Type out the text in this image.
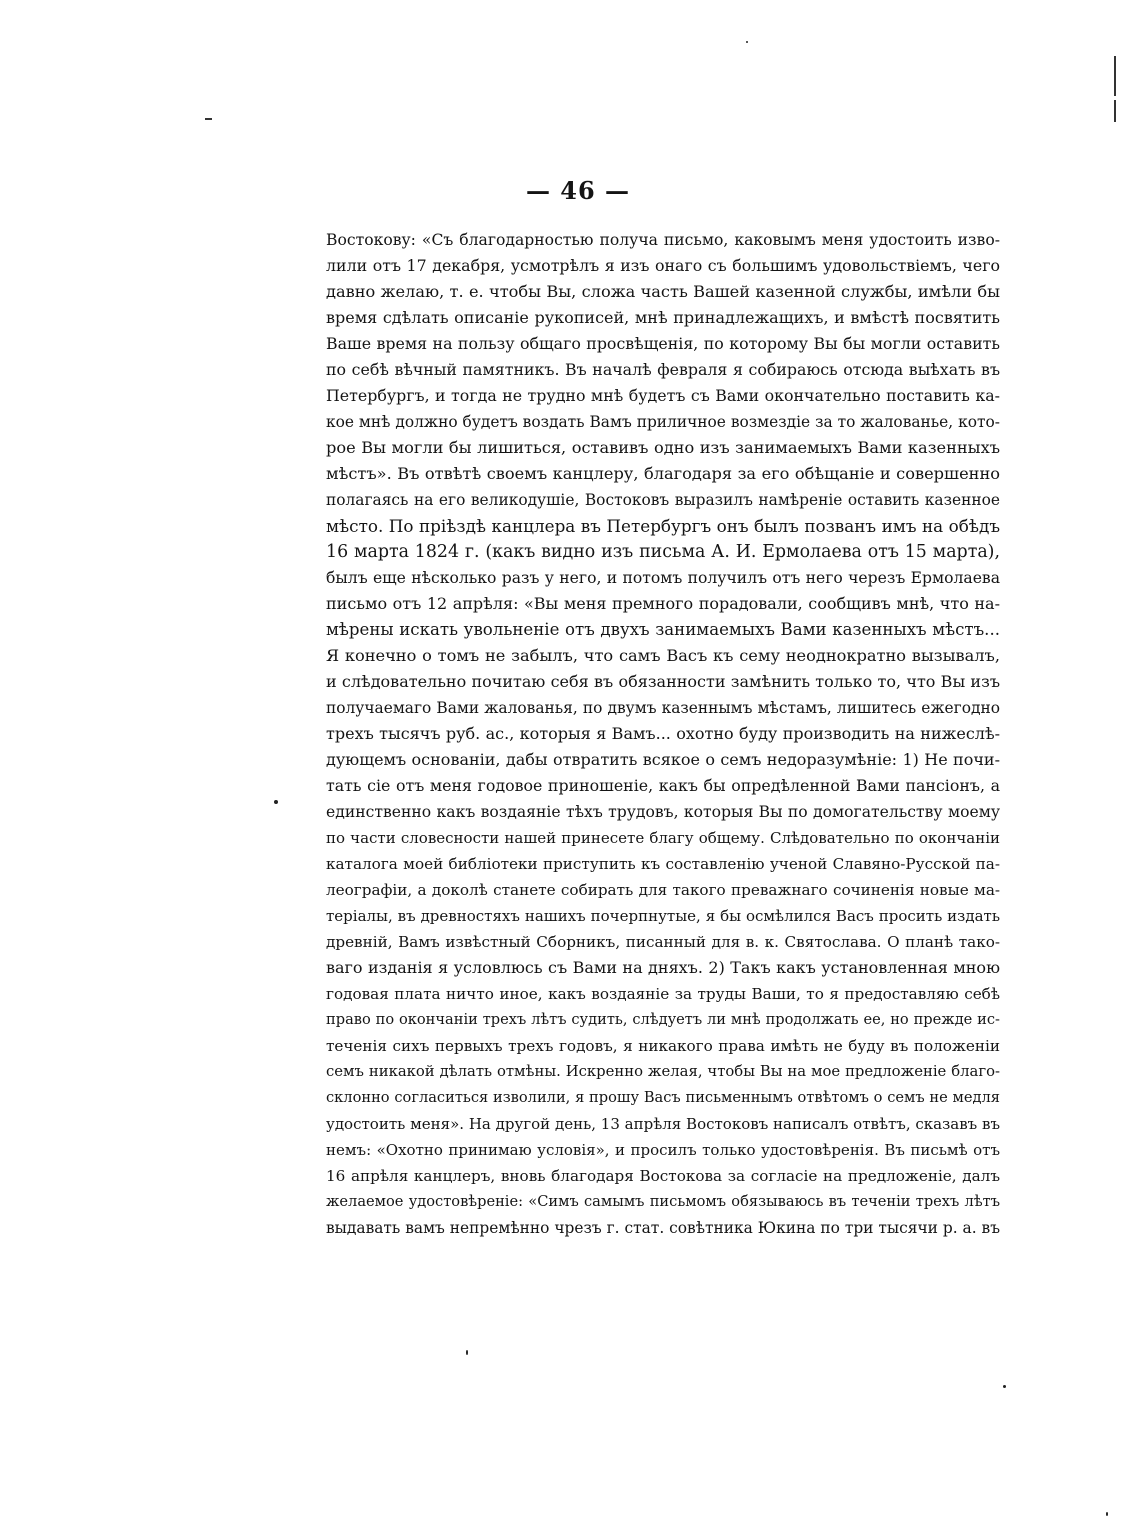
— 46 —
Востокову: «Съ благодарностью получа письмо, каковымъ меня удостоить изво-
лили отъ 17 декабря, усмотрѣлъ я изъ онаго съ большимъ удовольствіемъ, чего
давно желаю, т. е. чтобы Вы, сложа часть Вашей казенной службы, имѣли бы
время сдѣлать описаніе рукописей, мнѣ принадлежащихъ, и вмѣстѣ посвятить
Ваше время на пользу общаго просвѣщенія, по которому Вы бы могли оставить
по себѣ вѣчный памятникъ. Въ началѣ февраля я собираюсь отсюда выѣхать въ
Петербургъ, и тогда не трудно мнѣ будетъ съ Вами окончательно поставить ка-
кое мнѣ должно будетъ воздать Вамъ приличное возмездіе за то жалованье, кото-
рое Вы могли бы лишиться, оставивъ одно изъ занимаемыхъ Вами казенныхъ
мѣстъ». Въ отвѣтѣ своемъ канцлеру, благодаря за его обѣщаніе и совершенно
полагаясь на его великодушіе, Востоковъ выразилъ намѣреніе оставить казенное
мѣсто. По пріѣздѣ канцлера въ Петербургъ онъ былъ позванъ имъ на обѣдъ
16 марта 1824 г. (какъ видно изъ письма А. И. Ермолаева отъ 15 марта),
былъ еще нѣсколько разъ у него, и потомъ получилъ отъ него черезъ Ермолаева
письмо отъ 12 апрѣля: «Вы меня премного порадовали, сообщивъ мнѣ, что на-
мѣрены искать увольненіе отъ двухъ занимаемыхъ Вами казенныхъ мѣстъ...
Я конечно о томъ не забылъ, что самъ Васъ къ сему неоднократно вызывалъ,
и слѣдовательно почитаю себя въ обязанности замѣнить только то, что Вы изъ
получаемаго Вами жалованья, по двумъ казеннымъ мѣстамъ, лишитесь ежегодно
трехъ тысячъ руб. ас., которыя я Вамъ... охотно буду производить на нижеслѣ-
дующемъ основаніи, дабы отвратить всякое о семъ недоразумѣніе: 1) Не почи-
тать сіе отъ меня годовое приношеніе, какъ бы опредѣленной Вами пансіонъ, а
единственно какъ воздаяніе тѣхъ трудовъ, которыя Вы по домогательству моему
по части словесности нашей принесете благу общему. Слѣдовательно по окончаніи
каталога моей библіотеки приступить къ составленію ученой Славяно-Русской па-
леографіи, а доколѣ станете собирать для такого преважнаго сочиненія новые ма-
теріалы, въ древностяхъ нашихъ почерпнутые, я бы осмѣлился Васъ просить издать
древній, Вамъ извѣстный Сборникъ, писанный для в. к. Святослава. О планѣ тако-
ваго изданія я условлюсь съ Вами на дняхъ. 2) Такъ какъ установленная мною
годовая плата ничто иное, какъ воздаяніе за труды Ваши, то я предоставляю себѣ
право по окончаніи трехъ лѣтъ судить, слѣдуетъ ли мнѣ продолжать ее, но прежде ис-
теченія сихъ первыхъ трехъ годовъ, я никакого права имѣть не буду въ положеніи
семъ никакой дѣлать отмѣны. Искренно желая, чтобы Вы на мое предложеніе благо-
склонно согласиться изволили, я прошу Васъ письменнымъ отвѣтомъ о семъ не медля
удостоить меня». На другой день, 13 апрѣля Востоковъ написалъ отвѣтъ, сказавъ въ
немъ: «Охотно принимаю условія», и просилъ только удостовѣренія. Въ письмѣ отъ
16 апрѣля канцлеръ, вновь благодаря Востокова за согласіе на предложеніе, далъ
желаемое удостовѣреніе: «Симъ самымъ письмомъ обязываюсь въ теченіи трехъ лѣтъ
выдавать вамъ непремѣнно чрезъ г. стат. совѣтника Юкина по три тысячи р. а. въ
